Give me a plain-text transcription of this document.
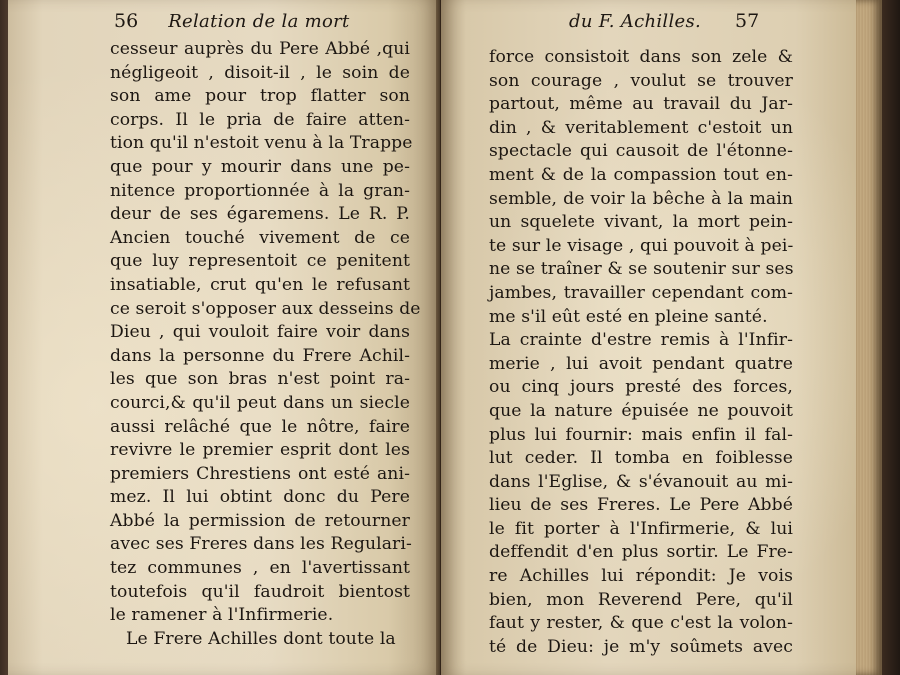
56 Relation de la mort
cesseur auprès du Pere Abbé ,qui
négligeoit , disoit-il , le soin de
son ame pour trop flatter son
corps. Il le pria de faire atten-
tion qu'il n'estoit venu à la Trappe
que pour y mourir dans une pe-
nitence proportionnée à la gran-
deur de ses égaremens. Le R. P.
Ancien touché vivement de ce
que luy representoit ce penitent
insatiable, crut qu'en le refusant
ce seroit s'opposer aux desseins de
Dieu , qui vouloit faire voir dans
dans la personne du Frere Achil-
les que son bras n'est point ra-
courci,& qu'il peut dans un siecle
aussi relâché que le nôtre, faire
revivre le premier esprit dont les
premiers Chrestiens ont esté ani-
mez. Il lui obtint donc du Pere
Abbé la permission de retourner
avec ses Freres dans les Regulari-
tez communes , en l'avertissant
toutefois qu'il faudroit bientost
le ramener à l'Infirmerie.
Le Frere Achilles dont toute la
du F. Achilles. 57
force consistoit dans son zele &
son courage , voulut se trouver
partout, même au travail du Jar-
din , & veritablement c'estoit un
spectacle qui causoit de l'étonne-
ment & de la compassion tout en-
semble, de voir la bêche à la main
un squelete vivant, la mort pein-
te sur le visage , qui pouvoit à pei-
ne se traîner & se soutenir sur ses
jambes, travailler cependant com-
me s'il eût esté en pleine santé.
La crainte d'estre remis à l'Infir-
merie , lui avoit pendant quatre
ou cinq jours presté des forces,
que la nature épuisée ne pouvoit
plus lui fournir: mais enfin il fal-
lut ceder. Il tomba en foiblesse
dans l'Eglise, & s'évanouit au mi-
lieu de ses Freres. Le Pere Abbé
le fit porter à l'Infirmerie, & lui
deffendit d'en plus sortir. Le Fre-
re Achilles lui répondit: Je vois
bien, mon Reverend Pere, qu'il
faut y rester, & que c'est la volon-
té de Dieu: je m'y soûmets avec
